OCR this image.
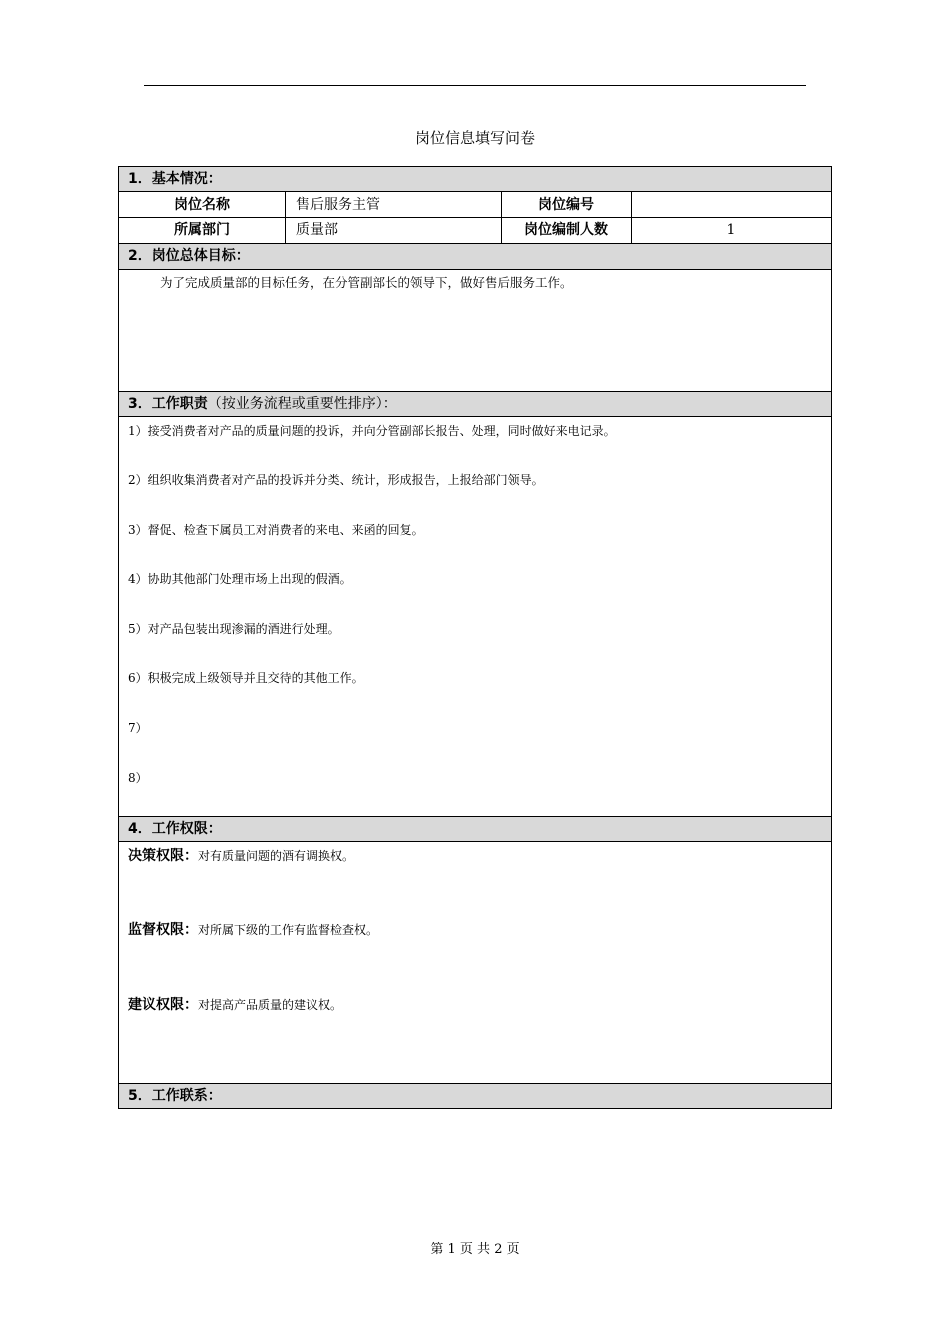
岗位信息填写问卷
1．基本情况：
岗位名称	售后服务主管	岗位编号
所属部门	质量部	岗位编制人数	1
2．岗位总体目标：
为了完成质量部的目标任务，在分管副部长的领导下，做好售后服务工作。
3．工作职责（按业务流程或重要性排序）：
1）接受消费者对产品的质量问题的投诉，并向分管副部长报告、处理，同时做好来电记录。
2）组织收集消费者对产品的投诉并分类、统计，形成报告，上报给部门领导。
3）督促、检查下属员工对消费者的来电、来函的回复。
4）协助其他部门处理市场上出现的假酒。
5）对产品包装出现渗漏的酒进行处理。
6）积极完成上级领导并且交待的其他工作。
7）
8）
4．工作权限：
决策权限：对有质量问题的酒有调换权。
监督权限：对所属下级的工作有监督检查权。
建议权限：对提高产品质量的建议权。
5．工作联系：
第 1 页 共 2 页
